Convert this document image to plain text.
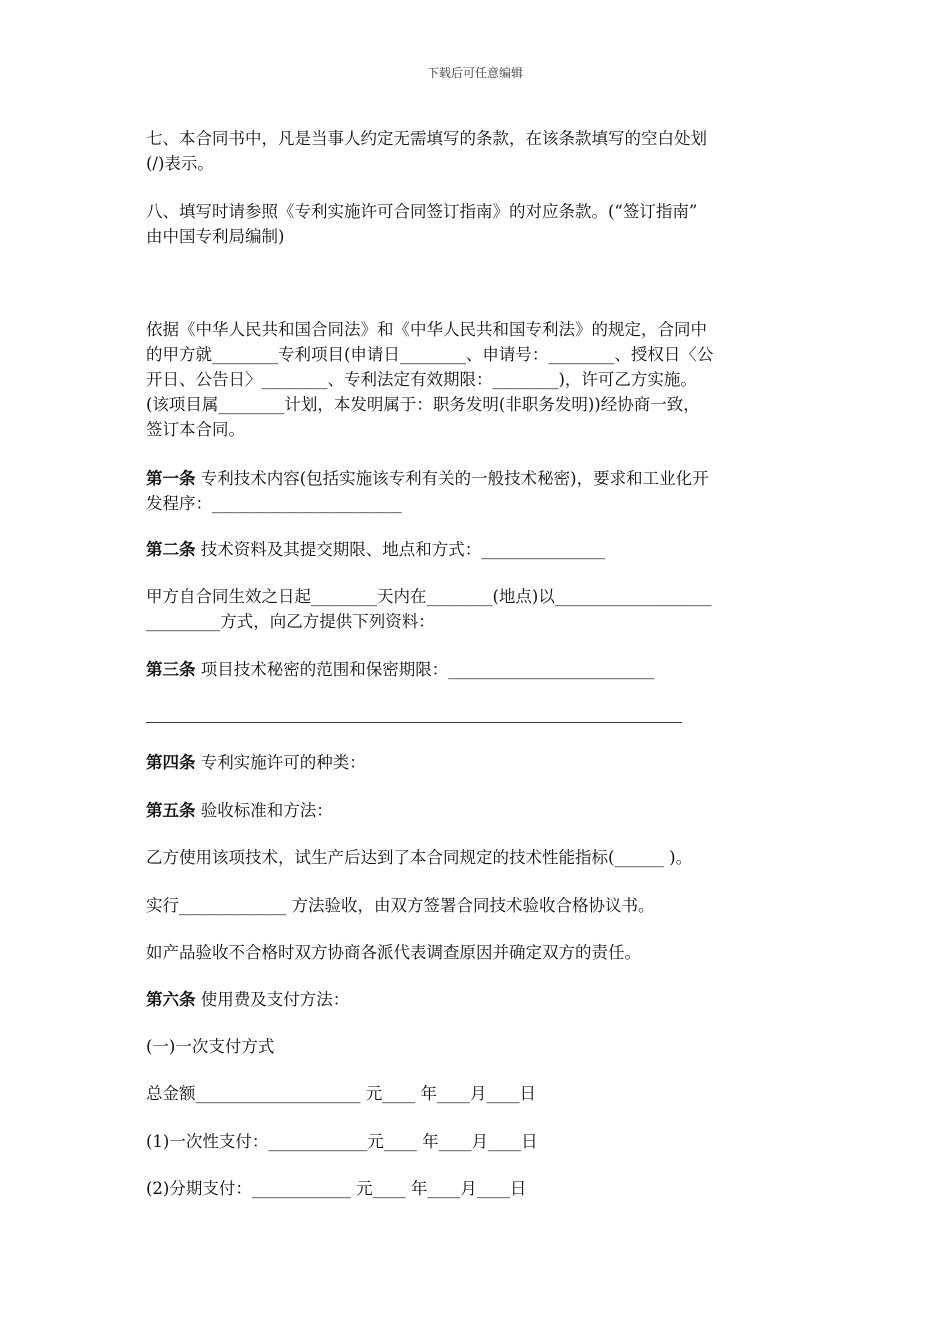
下载后可任意编辑

七、本合同书中，凡是当事人约定无需填写的条款，在该条款填写的空白处划

(/)表示。

八、填写时请参照《专利实施许可合同签订指南》的对应条款。(“签订指南”

由中国专利局编制)

依据《中华人民共和国合同法》和《中华人民共和国专利法》的规定，合同中

的甲方就________专利项目(申请日________、申请号：________、授权日〈公

开日、公告日〉________、专利法定有效期限：________)，许可乙方实施。

(该项目属________计划，本发明属于：职务发明(非职务发明))经协商一致，

签订本合同。

第一条 专利技术内容(包括实施该专利有关的一般技术秘密)，要求和工业化开

发程序：_______________________

第二条 技术资料及其提交期限、地点和方式：_______________

甲方自合同生效之日起________天内在________(地点)以___________________

_________方式，向乙方提供下列资料：

第三条 项目技术秘密的范围和保密期限：_________________________

第四条 专利实施许可的种类：

第五条 验收标准和方法：

乙方使用该项技术，试生产后达到了本合同规定的技术性能指标(______ )。

实行_____________ 方法验收，由双方签署合同技术验收合格协议书。

如产品验收不合格时双方协商各派代表调查原因并确定双方的责任。

第六条 使用费及支付方法：

(一)一次支付方式

总金额____________________ 元____ 年____月____日

(1)一次性支付：____________元____ 年____月____日

(2)分期支付：____________ 元____ 年____月____日
